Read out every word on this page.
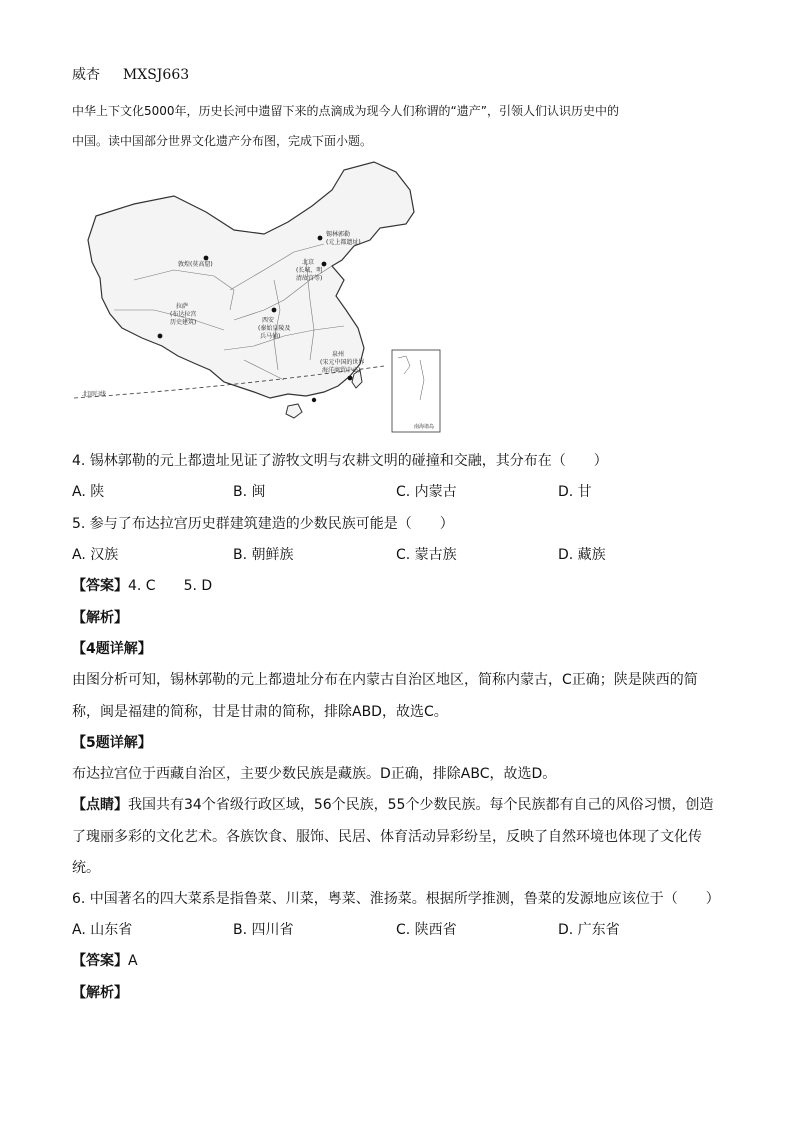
威杏 MXSJ663
中华上下文化5000年，历史长河中遗留下来的点滴成为现今人们称谓的“遗产”，引领人们认识历史中的
中国。读中国部分世界文化遗产分布图，完成下面小题。
北回归线
南海诸岛
锡林郭勒
(元上都遗址)
北京
(长城、明
清故宫等)
敦煌(莫高窟)
拉萨
(布达拉宫
历史建筑)	西安
(秦始皇陵及
兵马俑)
泉州
(宋元中国的世界
海洋商贸中心)
4. 锡林郭勒的元上都遗址见证了游牧文明与农耕文明的碰撞和交融，其分布在（　　）
A. 陕	B. 闽	C. 内蒙古	D. 甘
5. 参与了布达拉宫历史群建筑建造的少数民族可能是（　　）
A. 汉族	B. 朝鲜族	C. 蒙古族	D. 藏族
【答案】4. C　　5. D
【解析】
【4题详解】
由图分析可知，锡林郭勒的元上都遗址分布在内蒙古自治区地区，简称内蒙古，C正确；陕是陕西的简
称，闽是福建的简称，甘是甘肃的简称，排除ABD，故选C。
【5题详解】
布达拉宫位于西藏自治区，主要少数民族是藏族。D正确，排除ABC，故选D。
【点睛】我国共有34个省级行政区域，56个民族，55个少数民族。每个民族都有自己的风俗习惯，创造
了瑰丽多彩的文化艺术。各族饮食、服饰、民居、体育活动异彩纷呈，反映了自然环境也体现了文化传
统。
6. 中国著名的四大菜系是指鲁菜、川菜，粤菜、淮扬菜。根据所学推测，鲁菜的发源地应该位于（　　）
A. 山东省	B. 四川省	C. 陕西省	D. 广东省
【答案】A
【解析】
